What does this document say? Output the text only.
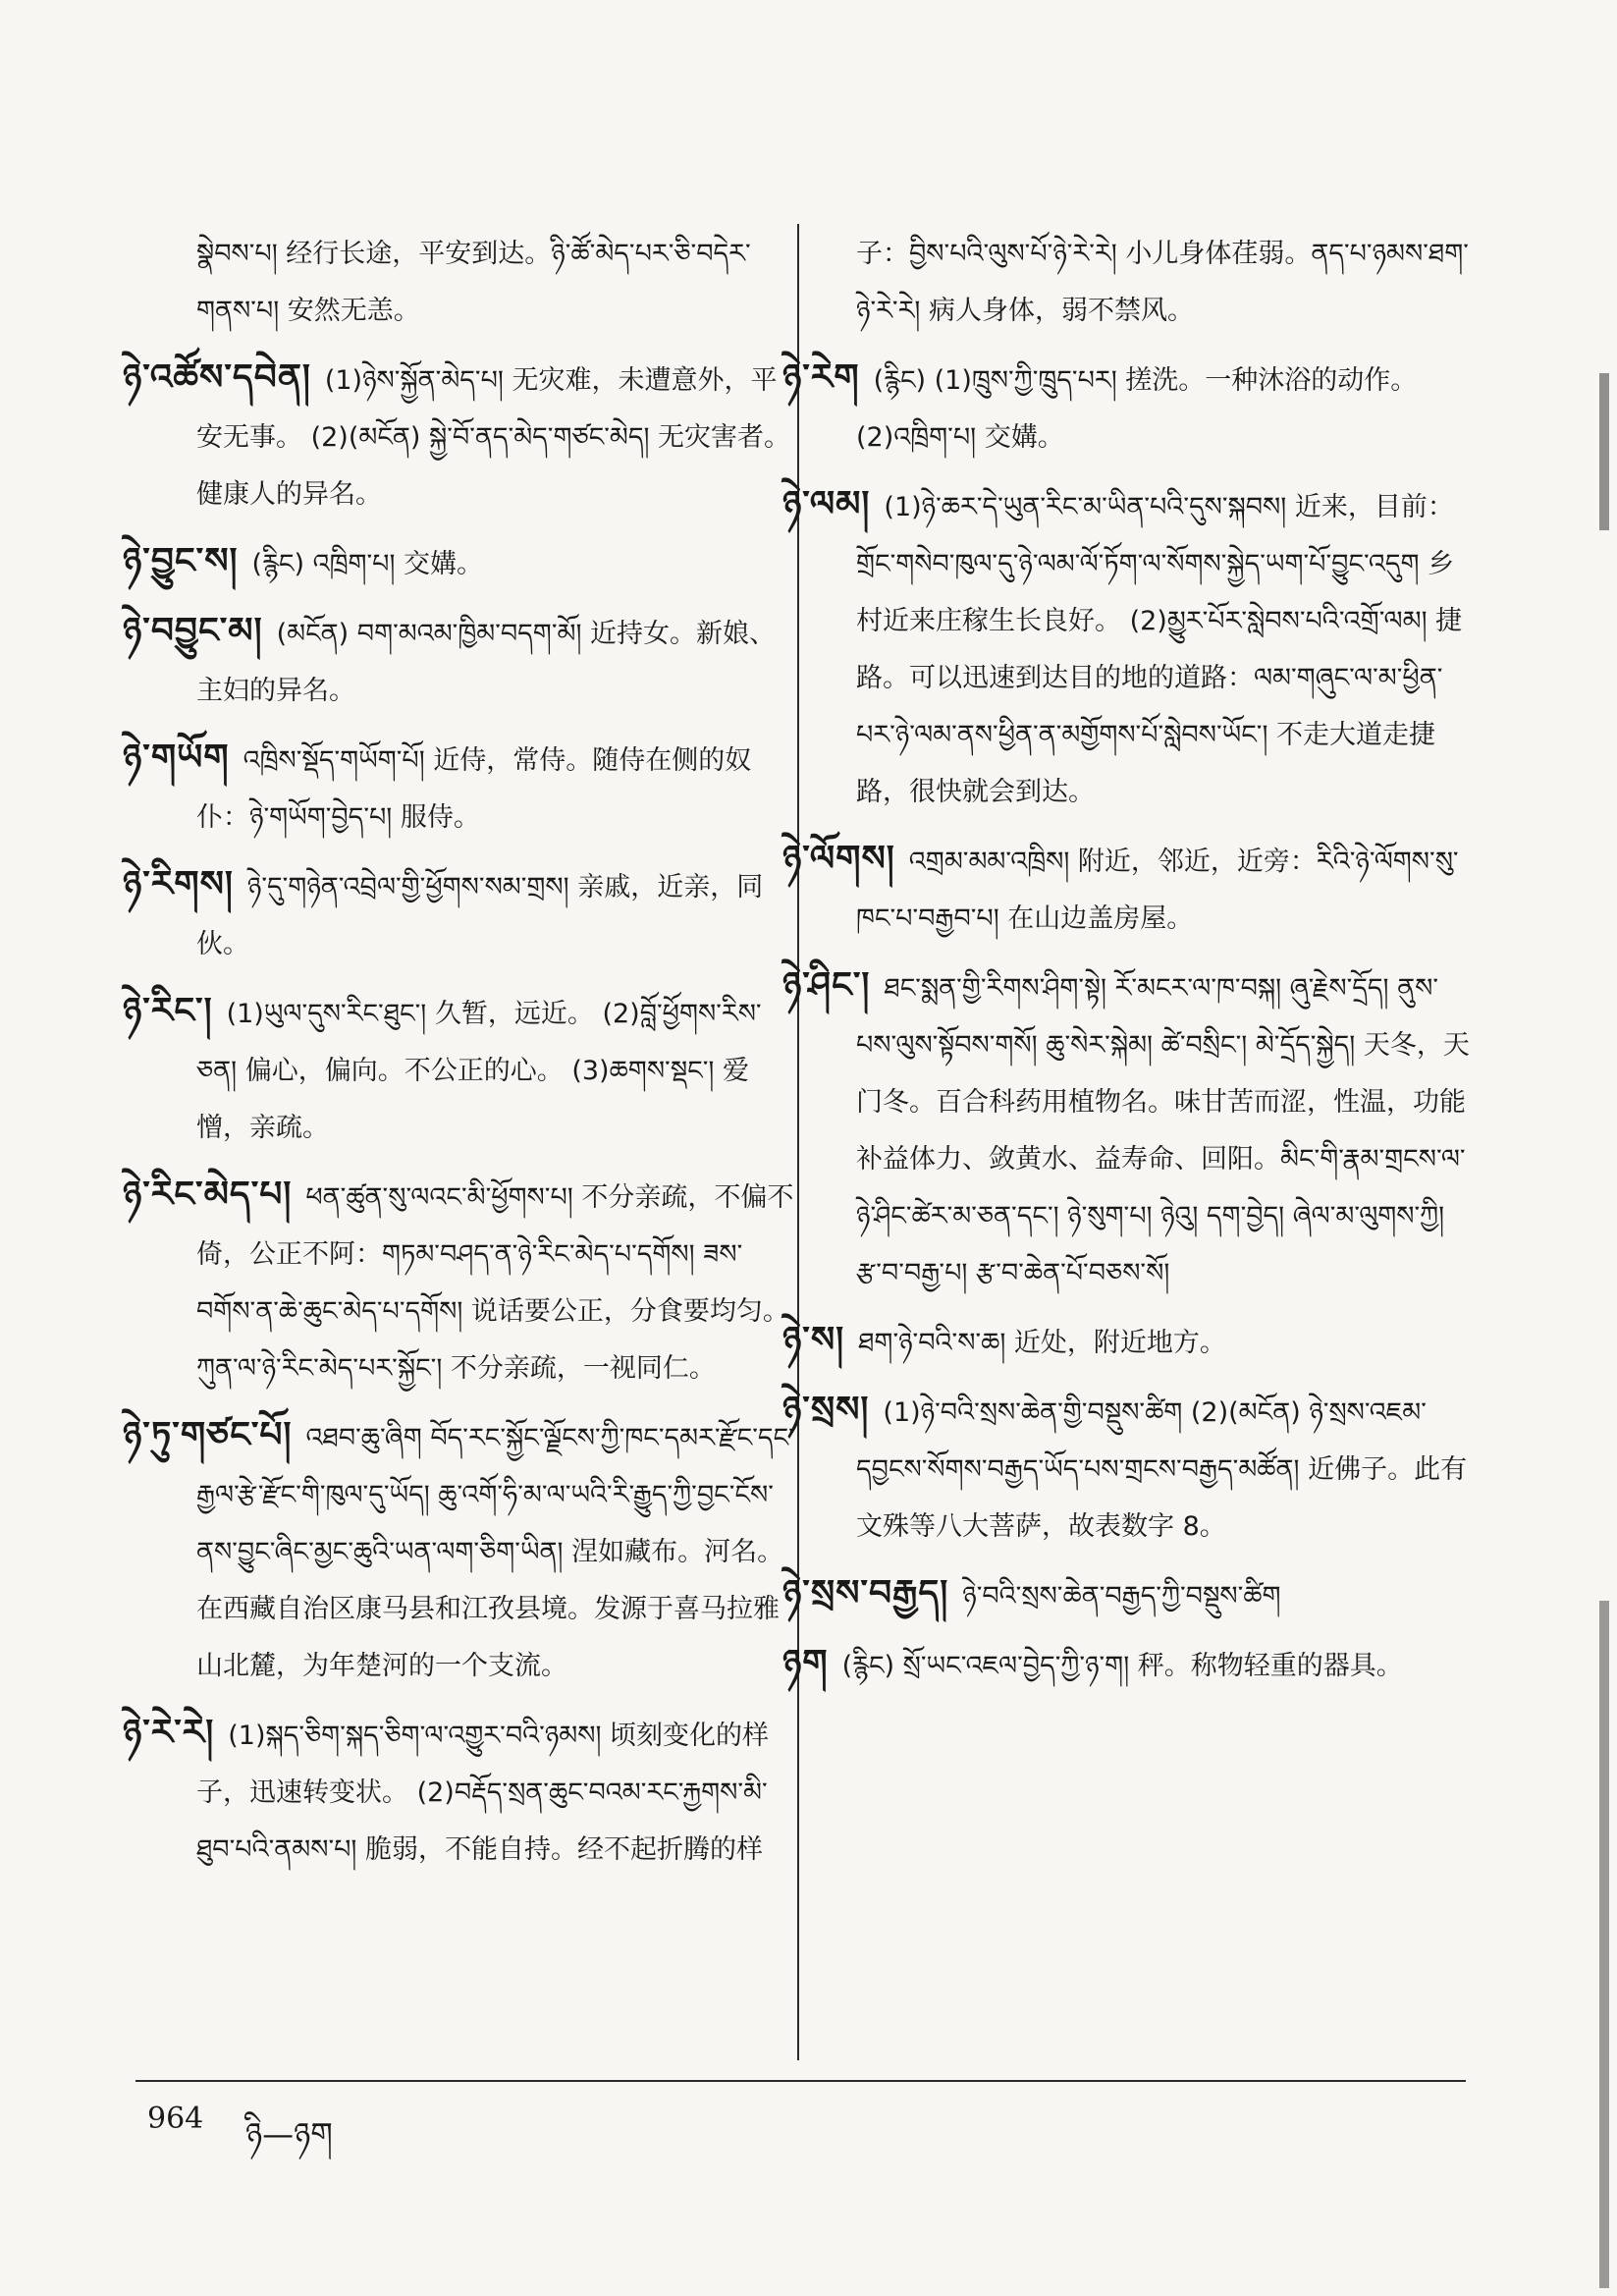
སྣེབས་པ། 经行长途，平安到达。ཉི་ཚོ་མེད་པར་ཅི་བདེར་གནས་པ། 安然无恙。
ཉེ་འཚོས་དབེན། (1)ཉེས་སྐྱོན་མེད་པ། 无灾难，未遭意外，平安无事。 (2)(མངོན) སྐྱེ་བོ་ནད་མེད་གཙང་མེད། 无灾害者。健康人的异名。
ཉེ་བྱུང་ས། (རྙིང) འཁྲིག་པ། 交媾。
ཉེ་བབྱུང་མ། (མངོན) བག་མའམ་ཁྱིམ་བདག་མོ། 近持女。新娘、主妇的异名。
ཉེ་གཡོག འཁྲིས་སྡོད་གཡོག་པོ། 近侍，常侍。随侍在侧的奴仆：ཉེ་གཡོག་བྱེད་པ། 服侍。
ཉེ་རིགས། ཉེ་དུ་གཉེན་འབྲེལ་གྱི་ཕྱོགས་སམ་གྲས། 亲戚，近亲，同伙。
ཉེ་རིང་། (1)ཡུལ་དུས་རིང་ཐུང་། 久暂，远近。 (2)བློ་ཕྱོགས་རིས་ཅན། 偏心，偏向。不公正的心。 (3)ཆགས་སྡང་། 爱憎，亲疏。
ཉེ་རིང་མེད་པ། ཕན་ཚུན་སུ་ལའང་མི་ཕྱོགས་པ། 不分亲疏，不偏不倚，公正不阿：གཏམ་བཤད་ན་ཉེ་རིང་མེད་པ་དགོས། ཟས་བགོས་ན་ཆེ་ཆུང་མེད་པ་དགོས། 说话要公正，分食要均匀。ཀུན་ལ་ཉེ་རིང་མེད་པར་སྐྱོང་། 不分亲疏，一视同仁。
ཉེ་ཏུ་གཙང་པོ། འཐབ་ཆུ་ཞིག བོད་རང་སྐྱོང་ལྗོངས་ཀྱི་ཁང་དམར་རྫོང་དང་རྒྱལ་རྩེ་རྫོང་གི་ཁུལ་དུ་ཡོད། ཆུ་འགོ་ཧི་མ་ལ་ཡའི་རི་རྒྱུད་ཀྱི་བྱང་ངོས་ནས་བྱུང་ཞིང་མྱང་ཆུའི་ཡན་ལག་ཅིག་ཡིན། 涅如藏布。河名。在西藏自治区康马县和江孜县境。发源于喜马拉雅山北麓，为年楚河的一个支流。
ཉེ་རེ་རེ། (1)སྐད་ཅིག་སྐད་ཅིག་ལ་འགྱུར་བའི་ཉམས། 顷刻变化的样子，迅速转变状。 (2)བརྡོད་སྲན་ཆུང་བའམ་རང་རྐྱགས་མི་ཐུབ་པའི་ནམས་པ། 脆弱，不能自持。经不起折腾的样
子：བྱིས་པའི་ལུས་པོ་ཉེ་རེ་རེ། 小儿身体荏弱。ནད་པ་ཉམས་ཐག་ཉེ་རེ་རེ། 病人身体，弱不禁风。
ཉེ་རེག (རྙིང) (1)ཁྲུས་ཀྱི་ཁྲུད་པར། 搓洗。一种沐浴的动作。(2)འཁྲིག་པ། 交媾。
ཉེ་ལམ། (1)ཉེ་ཆར་དེ་ཡུན་རིང་མ་ཡིན་པའི་དུས་སྐབས། 近来，目前：གྲོང་གསེབ་ཁུལ་དུ་ཉེ་ལམ་ལོ་ཏོག་ལ་སོགས་སྐྱེད་ཡག་པོ་བྱུང་འདུག 乡村近来庄稼生长良好。 (2)མྱུར་པོར་སླེབས་པའི་འགྲོ་ལམ། 捷路。可以迅速到达目的地的道路：ལམ་གཞུང་ལ་མ་ཕྱིན་པར་ཉེ་ལམ་ནས་ཕྱིན་ན་མགྱོགས་པོ་སླེབས་ཡོང་། 不走大道走捷路，很快就会到达。
ཉེ་ལོགས། འགྲམ་མམ་འཁྲིས། 附近，邻近，近旁：རིའི་ཉེ་ལོགས་སུ་ཁང་པ་བརྒྱབ་པ། 在山边盖房屋。
ཉེ་ཤིང་། ཐང་སྨན་གྱི་རིགས་ཤིག་སྟེ། རོ་མངར་ལ་ཁ་བསྐ། ཞུ་རྗེས་དྲོད། ནུས་པས་ལུས་སྟོབས་གསོ། ཆུ་སེར་སྐེམ། ཚེ་བསྲིང་། མེ་དྲོད་སྐྱེད། 天冬，天门冬。百合科药用植物名。味甘苦而涩，性温，功能补益体力、敛黄水、益寿命、回阳。མིང་གི་རྣམ་གྲངས་ལ་ཉེ་ཤིང་ཚེར་མ་ཅན་དང་། ཉེ་སུག་པ། ཉེའུ། དག་བྱེད། ཞེལ་མ་ལུགས་ཀྱི། རྩ་བ་བརྒྱ་པ། རྩ་བ་ཆེན་པོ་བཅས་སོ།
ཉེ་ས། ཐག་ཉེ་བའི་ས་ཆ། 近处，附近地方。
ཉེ་སྲས། (1)ཉེ་བའི་སྲས་ཆེན་གྱི་བསྡུས་ཚིག (2)(མངོན) ཉེ་སྲས་འཇམ་དབྱངས་སོགས་བརྒྱད་ཡོད་པས་གྲངས་བརྒྱད་མཚོན། 近佛子。此有文殊等八大菩萨，故表数字 8。
ཉེ་སྲས་བརྒྱད། ཉེ་བའི་སྲས་ཆེན་བརྒྱད་ཀྱི་བསྡུས་ཚིག
ཉག (རྙིང) སྲོ་ཡང་འཇལ་བྱེད་ཀྱི་ཉ་ག། 秤。称物轻重的器具。
964 ཉི—ཉག
